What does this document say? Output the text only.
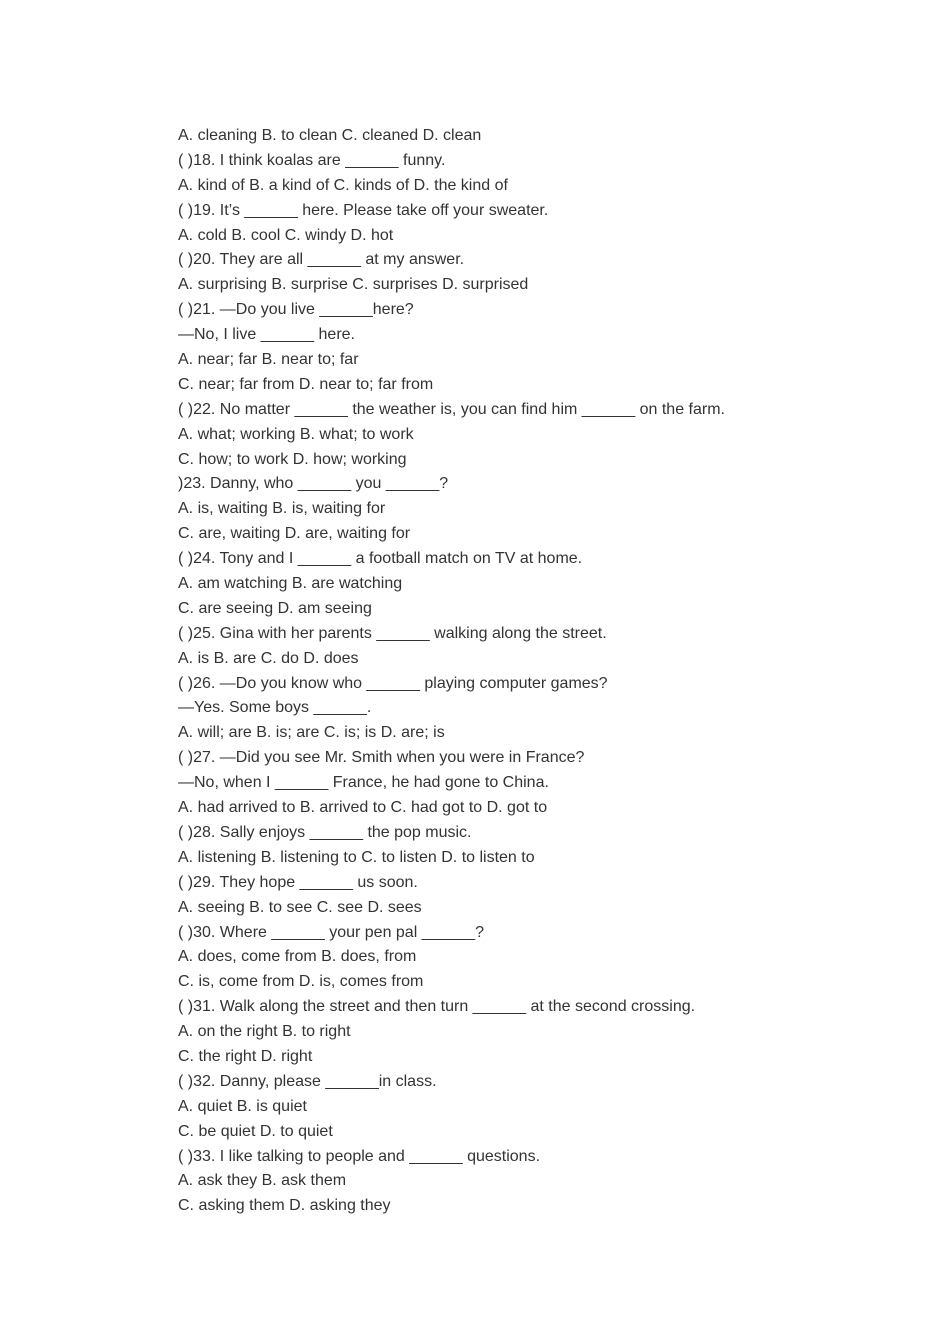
A. cleaning B. to clean C. cleaned D. clean
( )18. I think koalas are ______ funny.
A. kind of B. a kind of C. kinds of D. the kind of
( )19. It’s ______ here. Please take off your sweater.
A. cold B. cool C. windy D. hot
( )20. They are all ______ at my answer.
A. surprising B. surprise C. surprises D. surprised
( )21. —Do you live ______here?
—No, I live ______ here.
A. near; far B. near to; far
C. near; far from D. near to; far from
( )22. No matter ______ the weather is, you can find him ______ on the farm.
A. what; working B. what; to work
C. how; to work D. how; working
)23. Danny, who ______ you ______?
A. is, waiting B. is, waiting for
C. are, waiting D. are, waiting for
( )24. Tony and I ______ a football match on TV at home.
A. am watching B. are watching
C. are seeing D. am seeing
( )25. Gina with her parents ______ walking along the street.
A. is B. are C. do D. does
( )26. —Do you know who ______ playing computer games?
—Yes. Some boys ______.
A. will; are B. is; are C. is; is D. are; is
( )27. —Did you see Mr. Smith when you were in France?
—No, when I ______ France, he had gone to China.
A. had arrived to B. arrived to C. had got to D. got to
( )28. Sally enjoys ______ the pop music.
A. listening B. listening to C. to listen D. to listen to
( )29. They hope ______ us soon.
A. seeing B. to see C. see D. sees
( )30. Where ______ your pen pal ______?
A. does, come from B. does, from
C. is, come from D. is, comes from
( )31. Walk along the street and then turn ______ at the second crossing.
A. on the right B. to right
C. the right D. right
( )32. Danny, please ______in class.
A. quiet B. is quiet
C. be quiet D. to quiet
( )33. I like talking to people and ______ questions.
A. ask they B. ask them
C. asking them D. asking they
